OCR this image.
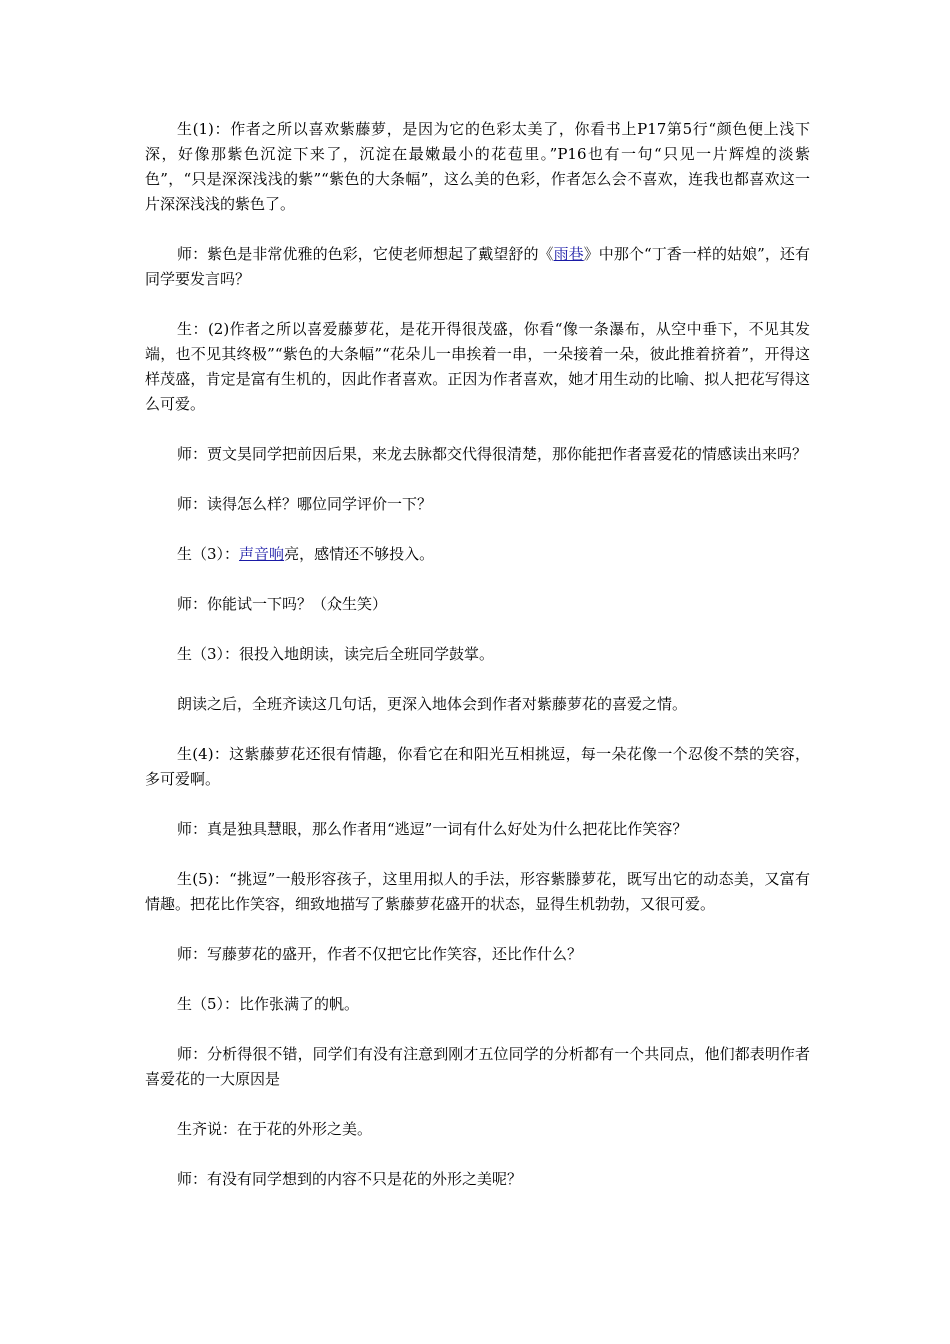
生(1)：作者之所以喜欢紫藤萝，是因为它的色彩太美了，你看书上P17第5行“颜色便上浅下深，好像那紫色沉淀下来了，沉淀在最嫩最小的花苞里。”P16也有一句“只见一片辉煌的淡紫色”，“只是深深浅浅的紫”“紫色的大条幅”，这么美的色彩，作者怎么会不喜欢，连我也都喜欢这一片深深浅浅的紫色了。

师：紫色是非常优雅的色彩，它使老师想起了戴望舒的《雨巷》中那个“丁香一样的姑娘”，还有同学要发言吗？

生：(2)作者之所以喜爱藤萝花，是花开得很茂盛，你看“像一条瀑布，从空中垂下，不见其发端，也不见其终极”“紫色的大条幅”“花朵儿一串挨着一串，一朵接着一朵，彼此推着挤着”，开得这样茂盛，肯定是富有生机的，因此作者喜欢。正因为作者喜欢，她才用生动的比喻、拟人把花写得这么可爱。

师：贾文昊同学把前因后果，来龙去脉都交代得很清楚，那你能把作者喜爱花的情感读出来吗？

师：读得怎么样？哪位同学评价一下？

生（3）：声音响亮，感情还不够投入。

师：你能试一下吗？（众生笑）

生（3）：很投入地朗读，读完后全班同学鼓掌。

朗读之后，全班齐读这几句话，更深入地体会到作者对紫藤萝花的喜爱之情。

生(4)：这紫藤萝花还很有情趣，你看它在和阳光互相挑逗，每一朵花像一个忍俊不禁的笑容，多可爱啊。

师：真是独具慧眼，那么作者用“逃逗”一词有什么好处为什么把花比作笑容？

生(5)：“挑逗”一般形容孩子，这里用拟人的手法，形容紫滕萝花，既写出它的动态美，又富有情趣。把花比作笑容，细致地描写了紫藤萝花盛开的状态，显得生机勃勃，又很可爱。

师：写藤萝花的盛开，作者不仅把它比作笑容，还比作什么？

生（5）：比作张满了的帆。

师：分析得很不错，同学们有没有注意到刚才五位同学的分析都有一个共同点，他们都表明作者喜爱花的一大原因是

生齐说：在于花的外形之美。

师：有没有同学想到的内容不只是花的外形之美呢？
